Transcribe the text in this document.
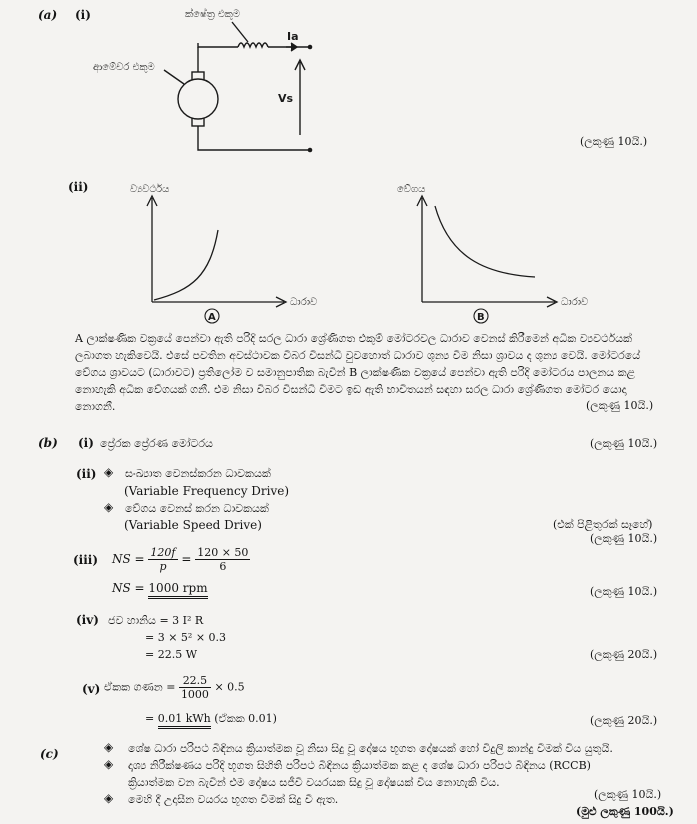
(a) (i)	ක්ෂේත්‍ර එකුම
ආමේචර එකුම
Ia
Vs
(ලකුණු 10යි.)
(ii)	ව්‍යවර්ථය
ධාරාව
A
වේගය
ධාරාව
B
A ලාක්ෂණික වක්‍රයේ පෙන්වා ඇති පරිදි සරල ධාරා ශ්‍රේණිගත එකුම් මෝටරවල ධාරාව වෙනස් කිරීමෙන් අධික ව්‍යවර්ථයක් ලබාගත හැකිවෙයි. එසේ පවතින අවස්ථාවක විබර විසන්ධි වුවහොත් ධාරාව ශුන්‍ය වීම නිසා ශ්‍රාවය ද ශුන්‍ය වෙයි. මෝටරයේ වේගය ශ්‍රාවයට (ධාරාවට) ප්‍රතිලෝම ව සමානුපාතික බැවින් B ලාක්ෂණික වක්‍රයේ පෙන්වා ඇති පරිදි මෝටරය පාලනය කළ නොහැකි අධික වේගයක් ගනී. එම නිසා විබර විසන්ධි වීමට ඉඩ ඇති භාවිතයන් සඳහා සරල ධාරා ශ්‍රේණිගත මෝටර යොදා නොගනී.	(ලකුණු 10යි.)
(b) (i) ප්‍රේරක ප්‍රේරණ මෝටරය	(ලකුණු 10යි.)
(ii) ◈ සංඛ්‍යාත වෙනස්කරන ධාවකයක්
(Variable Frequency Drive)
◈ වේගය වෙනස් කරන ධාවකයක්
(Variable Speed Drive)	(එක් පිළිතුරක් සෑහේ)
(ලකුණු 10යි.)
(iii) NS = $\frac{120f}{p} = \frac{120 \times 50}{6}$
NS = 1000 rpm	(ලකුණු 10යි.)
(iv) ජව හානිය = 3 I² R
= 3 × 5² × 0.3
= 22.5 W	(ලකුණු 20යි.)
(v) ඒකක ගණන = $\frac{22.5}{1000} \times 0.5$
= 0.01 kWh (ඒකක 0.01)	(ලකුණු 20යි.)
(c)	◈ ශේෂ ධාරා පරිපථ බිඳිනය ක්‍රියාත්මක වූ නිසා සිදු වූ දෝෂය භූගත දෝෂයක් හෝ විදුලි කාන්දු වීමක් විය යුතුයි.
◈ දෘශ්‍ය නිරීක්ෂණය පරිදි භූගත සිහිති පරිපථ බිඳිනය ක්‍රියාත්මක කළ ද ශේෂ ධාරා පරිපථ බිඳිනය (RCCB)
ක්‍රියාත්මක වන බැවින් එම දෝෂය සජීවී වයරයක සිදු වූ දෝෂයක් විය නොහැකි විය.
◈ මෙහි දී උදාසීන වයරය භූගත වීමක් සිදු වී ඇත.	(ලකුණු 10යි.)
(මුළු ලකුණු 100යි.)
